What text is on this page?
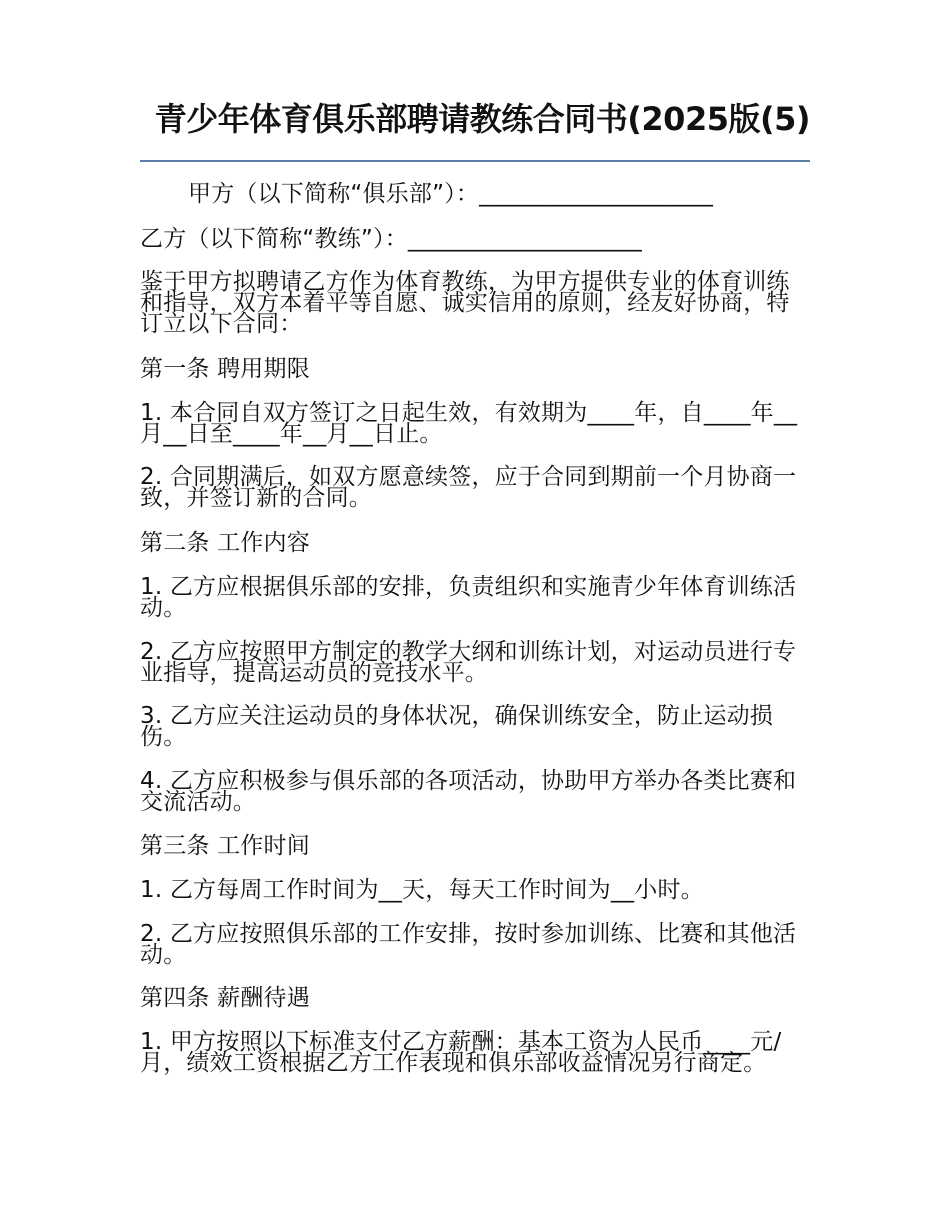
青少年体育俱乐部聘请教练合同书(2025版(5)

甲方（以下简称“俱乐部”）：____________________

乙方（以下简称“教练”）：____________________

鉴于甲方拟聘请乙方作为体育教练，为甲方提供专业的体育训练和指导，双方本着平等自愿、诚实信用的原则，经友好协商，特订立以下合同：

第一条 聘用期限

1. 本合同自双方签订之日起生效，有效期为____年，自____年__月__日至____年__月__日止。

2. 合同期满后，如双方愿意续签，应于合同到期前一个月协商一致，并签订新的合同。

第二条 工作内容

1. 乙方应根据俱乐部的安排，负责组织和实施青少年体育训练活动。

2. 乙方应按照甲方制定的教学大纲和训练计划，对运动员进行专业指导，提高运动员的竞技水平。

3. 乙方应关注运动员的身体状况，确保训练安全，防止运动损伤。

4. 乙方应积极参与俱乐部的各项活动，协助甲方举办各类比赛和交流活动。

第三条 工作时间

1. 乙方每周工作时间为__天，每天工作时间为__小时。

2. 乙方应按照俱乐部的工作安排，按时参加训练、比赛和其他活动。

第四条 薪酬待遇

1. 甲方按照以下标准支付乙方薪酬：基本工资为人民币____元/月，绩效工资根据乙方工作表现和俱乐部收益情况另行商定。
